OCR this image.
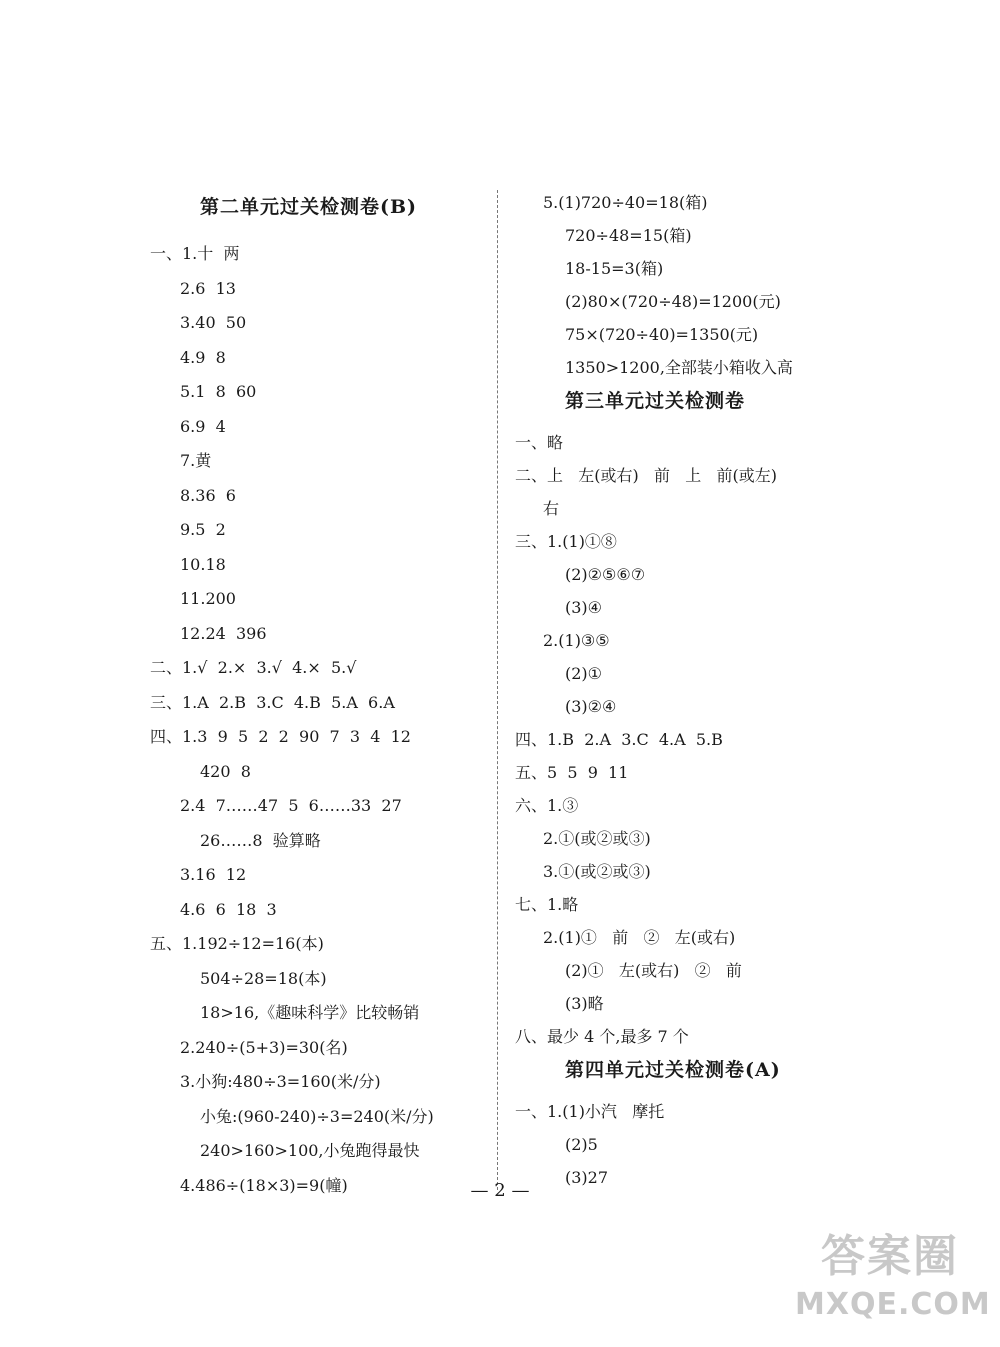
第二单元过关检测卷(B)
一、1.十  两
2.6  13
3.40  50
4.9  8
5.1  8  60
6.9  4
7.黄
8.36  6
9.5  2
10.18
11.200
12.24  396
二、1.√  2.×  3.√  4.×  5.√
三、1.A  2.B  3.C  4.B  5.A  6.A
四、1.3  9  5  2  2  90  7  3  4  12
420  8
2.4  7……47  5  6……33  27
26……8  验算略
3.16  12
4.6  6  18  3
五、1.192÷12=16(本)
504÷28=18(本)
18>16,《趣味科学》比较畅销
2.240÷(5+3)=30(名)
3.小狗:480÷3=160(米/分)
小兔:(960-240)÷3=240(米/分)
240>160>100,小兔跑得最快
4.486÷(18×3)=9(幢)
5.(1)720÷40=18(箱)
720÷48=15(箱)
18-15=3(箱)
(2)80×(720÷48)=1200(元)
75×(720÷40)=1350(元)
1350>1200,全部装小箱收入高
第三单元过关检测卷
一、略
二、上   左(或右)   前   上   前(或左)
右
三、1.(1)①⑧
(2)②⑤⑥⑦
(3)④
2.(1)③⑤
(2)①
(3)②④
四、1.B  2.A  3.C  4.A  5.B
五、5  5  9  11
六、1.③
2.①(或②或③)
3.①(或②或③)
七、1.略
2.(1)①   前   ②   左(或右)
(2)①   左(或右)   ②   前
(3)略
八、最少 4 个,最多 7 个
第四单元过关检测卷(A)
一、1.(1)小汽   摩托
(2)5
(3)27
— 2 —
答案圈
MXQE.COM
